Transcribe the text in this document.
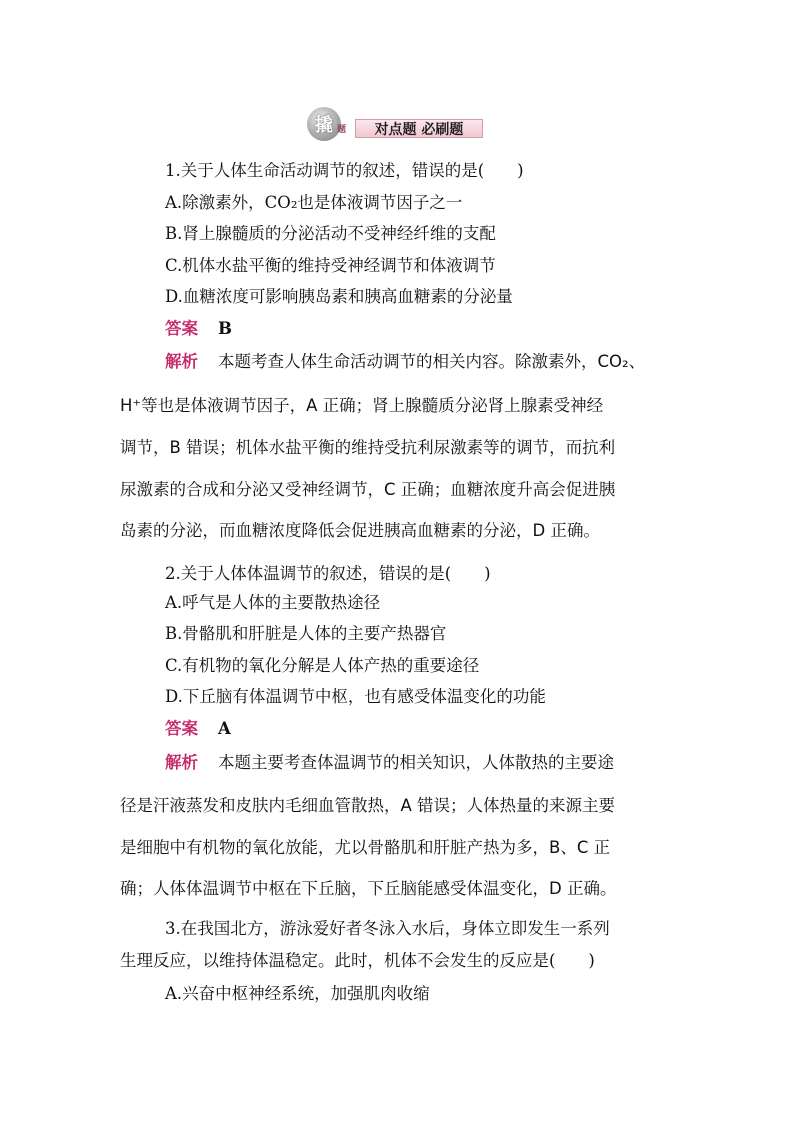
撬 题	对点题 必刷题
1.关于人体生命活动调节的叙述，错误的是(　　)
A.除激素外，CO₂也是体液调节因子之一
B.肾上腺髓质的分泌活动不受神经纤维的支配
C.机体水盐平衡的维持受神经调节和体液调节
D.血糖浓度可影响胰岛素和胰高血糖素的分泌量
答案 B
解析 本题考查人体生命活动调节的相关内容。除激素外，CO₂、
H⁺等也是体液调节因子，A 正确；肾上腺髓质分泌肾上腺素受神经
调节，B 错误；机体水盐平衡的维持受抗利尿激素等的调节，而抗利
尿激素的合成和分泌又受神经调节，C 正确；血糖浓度升高会促进胰
岛素的分泌，而血糖浓度降低会促进胰高血糖素的分泌，D 正确。
2.关于人体体温调节的叙述，错误的是(　　)
A.呼气是人体的主要散热途径
B.骨骼肌和肝脏是人体的主要产热器官
C.有机物的氧化分解是人体产热的重要途径
D.下丘脑有体温调节中枢，也有感受体温变化的功能
答案 A
解析 本题主要考查体温调节的相关知识，人体散热的主要途
径是汗液蒸发和皮肤内毛细血管散热，A 错误；人体热量的来源主要
是细胞中有机物的氧化放能，尤以骨骼肌和肝脏产热为多，B、C 正
确；人体体温调节中枢在下丘脑，下丘脑能感受体温变化，D 正确。
3.在我国北方，游泳爱好者冬泳入水后，身体立即发生一系列
生理反应，以维持体温稳定。此时，机体不会发生的反应是(　　)
A.兴奋中枢神经系统，加强肌肉收缩
